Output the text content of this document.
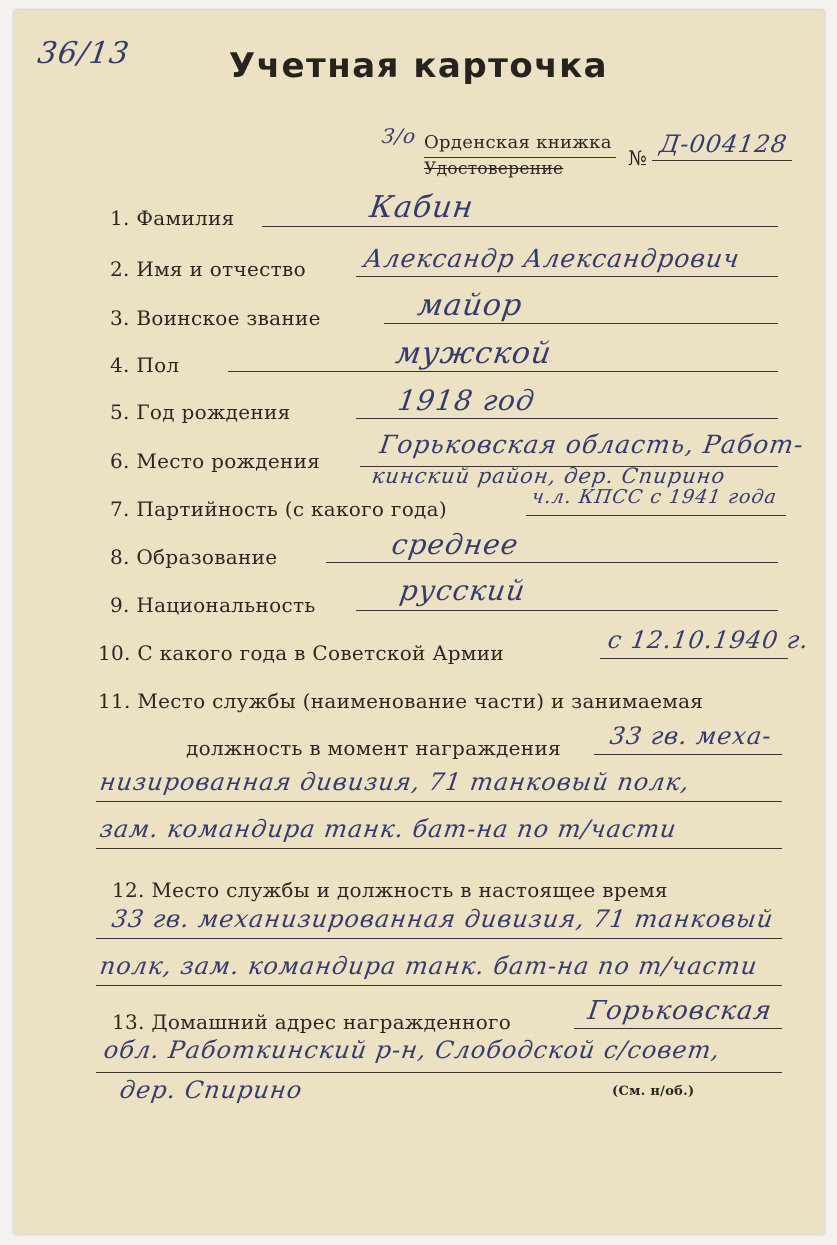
36/13	Учетная карточка
З/о Орденская книжка
Удостоверение	№ Д-004128
1. Фамилия	Кабин
2. Имя и отчество Александр Александрович
3. Воинское звание	майор
4. Пол	мужской
5. Год рождения	1918 год
6. Место рождения
Горьковская область, Работ-
кинский район, дер. Спирино
7. Партийность (с какого года)	ч.л. КПСС с 1941 года
8. Образование	среднее
9. Национальность	русский
10. С какого года в Советской Армии	с 12.10.1940 г.
11. Место службы (наименование части) и занимаемая
должность в момент награждения 33 гв. меха-
низированная дивизия, 71 танковый полк,
зам. командира танк. бат-на по т/части
12. Место службы и должность в настоящее время
33 гв. механизированная дивизия, 71 танковый
полк, зам. командира танк. бат-на по т/части
13. Домашний адрес награжденного	Горьковская
обл. Работкинский р-н, Слободской с/совет,
дер. Спирино	(См. н/об.)
